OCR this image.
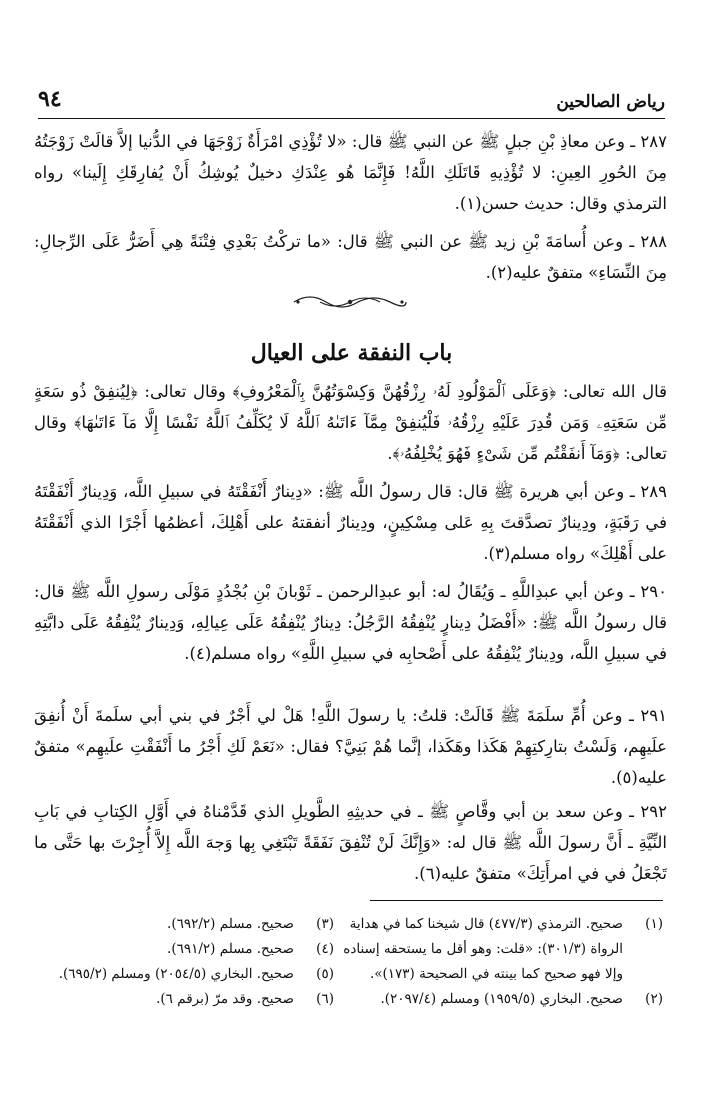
رياض الصالحين
٩٤
٢٨٧ ـ وعن معاذِ بْنِ جبلٍ ﷺ عن النبي ﷺ قال: «لا تُؤْذِي امْرَأَةٌ زَوْجَهَا في الدُّنيا إلاَّ قالَتْ زَوْجَتُهُ مِنَ الحُورِ العِينِ: لا تُؤْذِيهِ قَاتَلَكِ اللَّهُ! فَإِنَّمَا هُو عِنْدَكِ دخيلٌ يُوشِكُ أَنْ يُفارِقَكِ إِلَينا» رواه الترمذي وقال: حديث حسن(١).
٢٨٨ ـ وعن أُسامَةَ بْنِ زيد ﷺ عن النبي ﷺ قال: «ما تركْتُ بَعْدِي فِتْنَةً هِي أَضَرُّ عَلَى الرِّجالِ: مِنَ النِّسَاءِ» متفقٌ عليه(٢).
باب النفقة على العيال
قال الله تعالى: ﴿وَعَلَى ٱلْمَوْلُودِ لَهُۥ رِزْقُهُنَّ وَكِسْوَتُهُنَّ بِٱلْمَعْرُوفِ﴾ وقال تعالى: ﴿لِيُنفِقْ ذُو سَعَةٍ مِّن سَعَتِهِۦ وَمَن قُدِرَ عَلَيْهِ رِزْقُهُۥ فَلْيُنفِقْ مِمَّآ ءَاتَىٰهُ ٱللَّهُ لَا يُكَلِّفُ ٱللَّهُ نَفْسًا إِلَّا مَآ ءَاتَىٰهَا﴾ وقال تعالى: ﴿وَمَآ أَنفَقْتُم مِّن شَىْءٍ فَهُوَ يُخْلِفُهُۥ﴾.
٢٨٩ ـ وعن أبي هريرة ﷺ قال: قال رسولُ اللَّه ﷺ: «دِينارٌ أَنْفَقْتَهُ في سبيلِ اللَّه، وَدِينارٌ أَنْفَقْتَهُ في رَقَبَةٍ، ودِينارٌ تصدَّقتَ بِهِ عَلى مِسْكِينٍ، ودِينارٌ أنفقتهُ على أَهْلِكَ، أعظمُها أَجْرًا الذي أَنْفَقْتَهُ على أَهْلِكَ» رواه مسلم(٣).
٢٩٠ ـ وعن أبي عبدِاللَّهِ ـ وَيُقَالُ له: أبو عبدِالرحمن ـ ثَوْبانَ بْنِ بُجْدُدٍ مَوْلَى رسولِ اللَّه ﷺ قال: قال رسولُ اللَّه ﷺ: «أَفْضَلُ دِينارٍ يُنْفِقُهُ الرَّجُلُ: دِينارٌ يُنْفِقُهُ عَلَى عِيالِهِ، وَدِينارٌ يُنْفِقُهُ عَلَى دابَّتِهِ في سبيلِ اللَّه، ودِينارٌ يُنْفِقُهُ على أَصْحابِه في سبيلِ اللَّهِ» رواه مسلم(٤).
٢٩١ ـ وعن أُمِّ سلَمَةَ ﷺ قَالَتْ: قلتُ: يا رسولَ اللَّهِ! هَلْ لي أَجْرٌ في بني أبي سلَمةَ أَنْ أُنفِقَ علَيهِم، وَلَسْتُ بتارِكتِهِمْ هَكَذا وهَكَذا، إنَّما هُمْ بَنِيَّ؟ فقال: «نَعَمْ لَكِ أَجْرُ ما أَنْفَقْتِ علَيهِم» متفقٌ عليه(٥).
٢٩٢ ـ وعن سعد بن أبي وقَّاصٍ ﷺ ـ في حديثِهِ الطَّويلِ الذي قَدَّمْناهُ في أَوَّلِ الكِتابِ في بَابِ النِّيَّةِ ـ أَنَّ رسولَ اللَّه ﷺ قال له: «وَإِنَّكَ لَنْ تُنْفِقَ نَفَقَةً تَبْتَغِي بِها وَجهَ اللَّه إِلاَّ أُجِرْتَ بها حَتَّى ما تَجْعَلُ في في امرأَتِكَ» متفقٌ عليه(٦).
(١)
صحيح. الترمذي (٤٧٧/٣) قال شيخنا كما في هداية الرواة (٣٠١/٣): «قلت: وهو أقل ما يستحقه إسناده وإلا فهو صحيح كما بينته في الصحيحة (١٧٣)».
(٢)
صحيح. البخاري (١٩٥٩/٥) ومسلم (٢٠٩٧/٤).
(٣)
صحيح. مسلم (٦٩٢/٢).
(٤)
صحيح. مسلم (٦٩١/٢).
(٥)
صحيح. البخاري (٢٠٥٤/٥) ومسلم (٦٩٥/٢).
(٦)
صحيح. وقد مرّ (برقم ٦).
